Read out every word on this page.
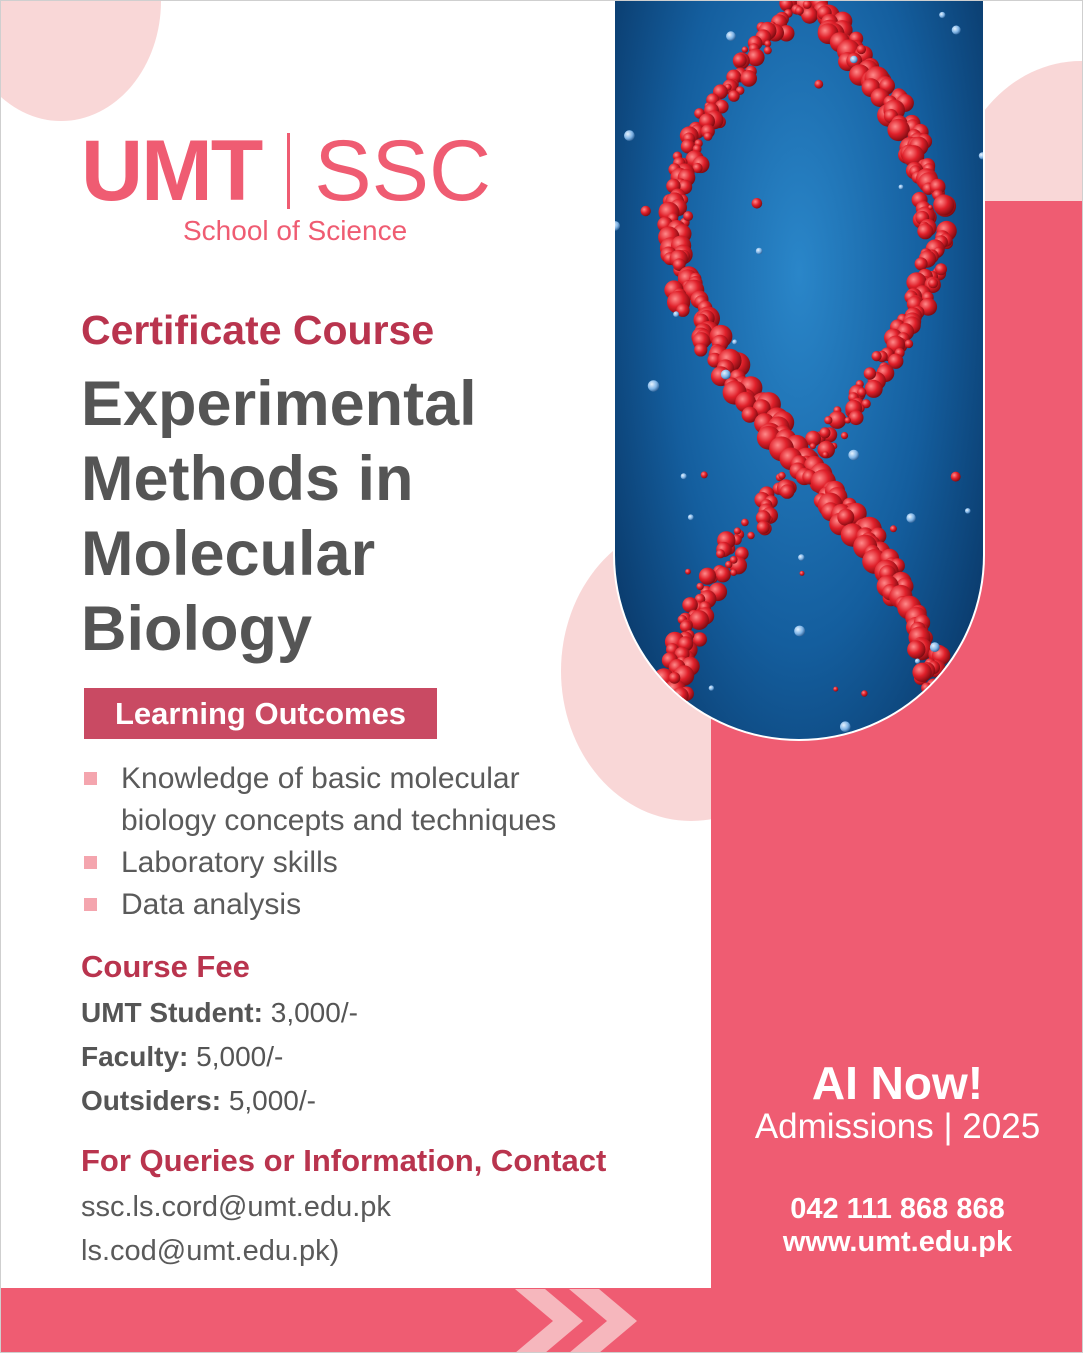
UMT SSC
School of Science
Certificate Course
Experimental
Methods in
Molecular
Biology
Learning Outcomes
Knowledge of basic molecular
biology concepts and techniques
Laboratory skills
Data analysis
Course Fee
UMT Student: 3,000/-
Faculty: 5,000/-
Outsiders: 5,000/-
For Queries or Information, Contact
ssc.ls.cord@umt.edu.pk
ls.cod@umt.edu.pk)
AI Now!
Admissions | 2025
042 111 868 868
www.umt.edu.pk
